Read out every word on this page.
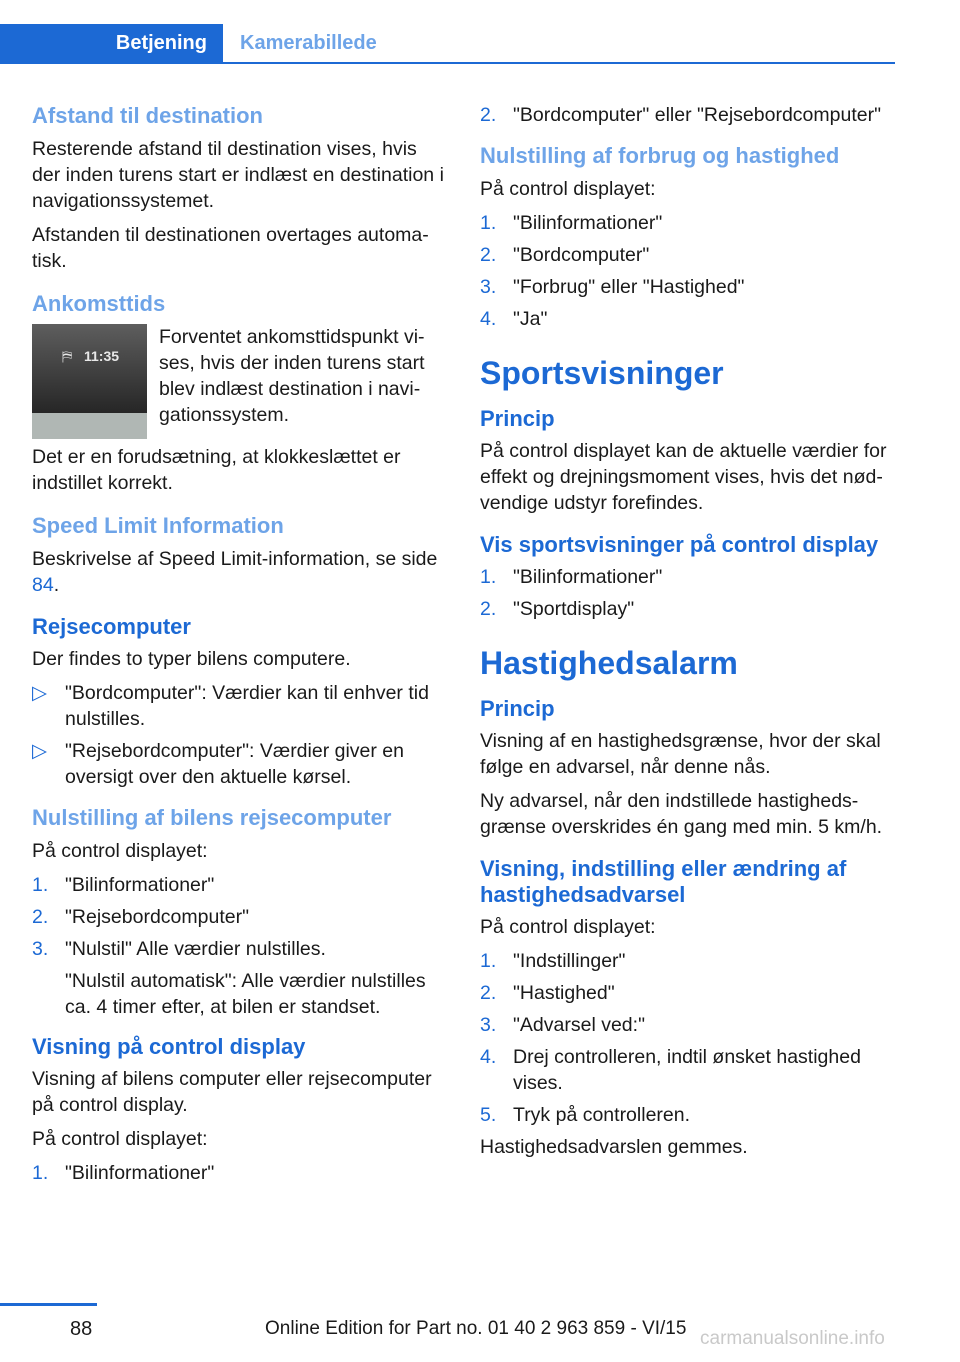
Betjening	Kamerabillede
Afstand til destination

Resterende afstand til destination vises, hvis der inden turens start er indlæst en destination i navigationssystemet.

Afstanden til destinationen overtages automa‐tisk.

Ankomsttids
⛿ 11:35
Forventet ankomsttidspunkt vi‐ses, hvis der inden turens start blev indlæst destination i navi‐gationssystem.

Det er en forudsætning, at klokkeslættet er indstillet korrekt.

Speed Limit Information

Beskrivelse af Speed Limit-information, se side 84.

Rejsecomputer

Der findes to typer bilens computere.

▷ "Bordcomputer": Værdier kan til enhver tid nulstilles.
▷ "Rejsebordcomputer": Værdier giver en oversigt over den aktuelle kørsel.
Nulstilling af bilens rejsecomputer

På control displayet:

1. "Bilinformationer"
2. "Rejsebordcomputer"
3. "Nulstil" Alle værdier nulstilles.
"Nulstil automatisk": Alle værdier nulstilles ca. 4 timer efter, at bilen er standset.
Visning på control display

Visning af bilens computer eller rejsecomputer på control display.

På control displayet:

1. "Bilinformationer"
2. "Bordcomputer" eller "Rejsebordcomputer"
Nulstilling af forbrug og hastighed

På control displayet:

1. "Bilinformationer"
2. "Bordcomputer"
3. "Forbrug" eller "Hastighed"
4. "Ja"
Sportsvisninger
Princip

På control displayet kan de aktuelle værdier for effekt og drejningsmoment vises, hvis det nød‐vendige udstyr forefindes.

Vis sportsvisninger på control display
1. "Bilinformationer"
2. "Sportdisplay"
Hastighedsalarm
Princip

Visning af en hastighedsgrænse, hvor der skal følge en advarsel, når denne nås.

Ny advarsel, når den indstillede hastigheds‐grænse overskrides én gang med min. 5 km/h.

Visning, indstilling eller ændring af hastighedsadvarsel

På control displayet:

1. "Indstillinger"
2. "Hastighed"
3. "Advarsel ved:"
4. Drej controlleren, indtil ønsket hastighed vises.
5. Tryk på controlleren.

Hastighedsadvarslen gemmes.

88	Online Edition for Part no. 01 40 2 963 859 - VI/15 carmanualsonline.info
